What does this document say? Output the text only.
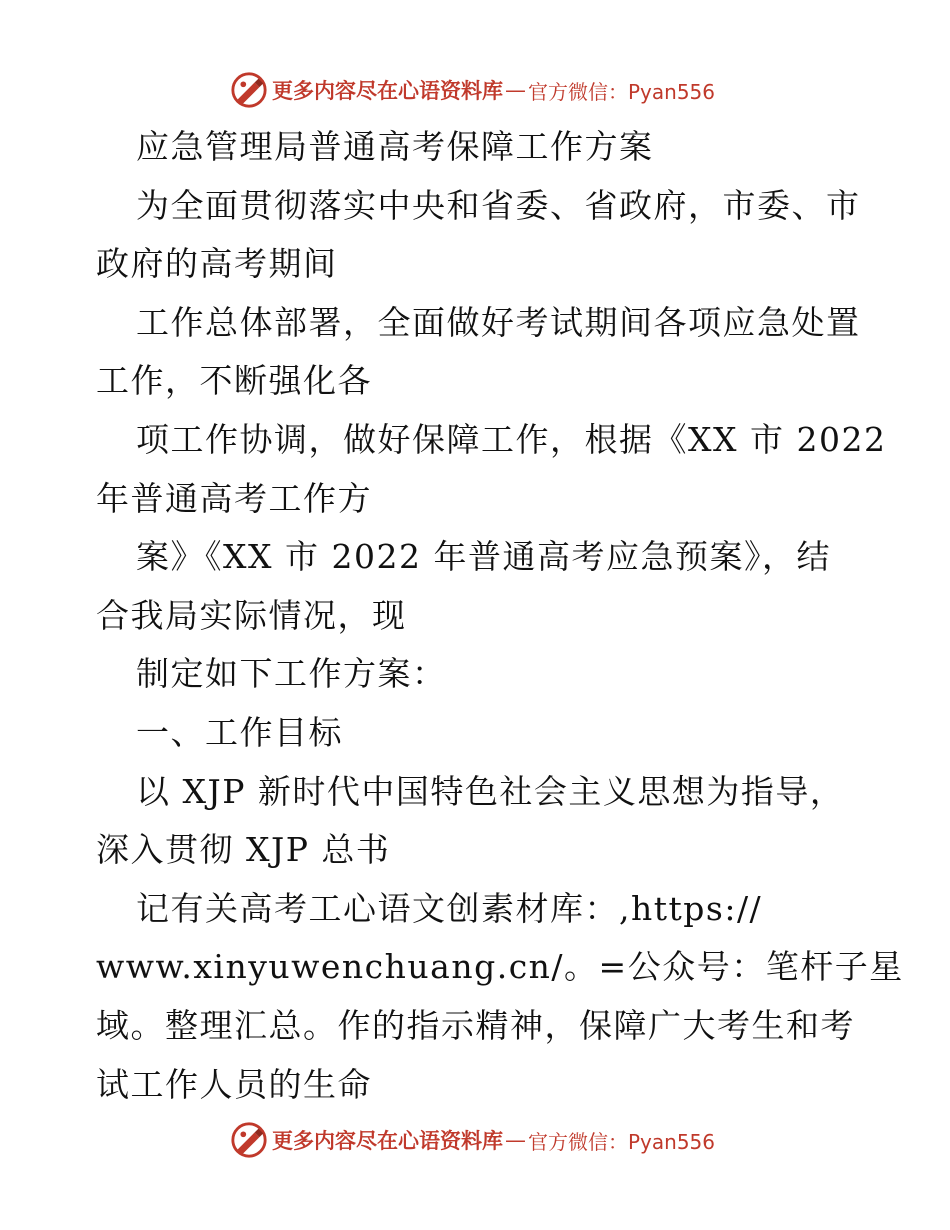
更多内容尽在心语资料库 — 官方微信：Pyan556
应急管理局普通高考保障工作方案
为全面贯彻落实中央和省委、省政府，市委、市
政府的高考期间
工作总体部署，全面做好考试期间各项应急处置
工作，不断强化各
项工作协调，做好保障工作，根据《XX 市 2022
年普通高考工作方
案》《XX 市 2022 年普通高考应急预案》，结
合我局实际情况，现
制定如下工作方案：
一、工作目标
以 XJP 新时代中国特色社会主义思想为指导，
深入贯彻 XJP 总书
记有关高考工心语文创素材库：,https://
www.xinyuwenchuang.cn/。=公众号：笔杆子星
域。整理汇总。作的指示精神，保障广大考生和考
试工作人员的生命
更多内容尽在心语资料库 — 官方微信：Pyan556
